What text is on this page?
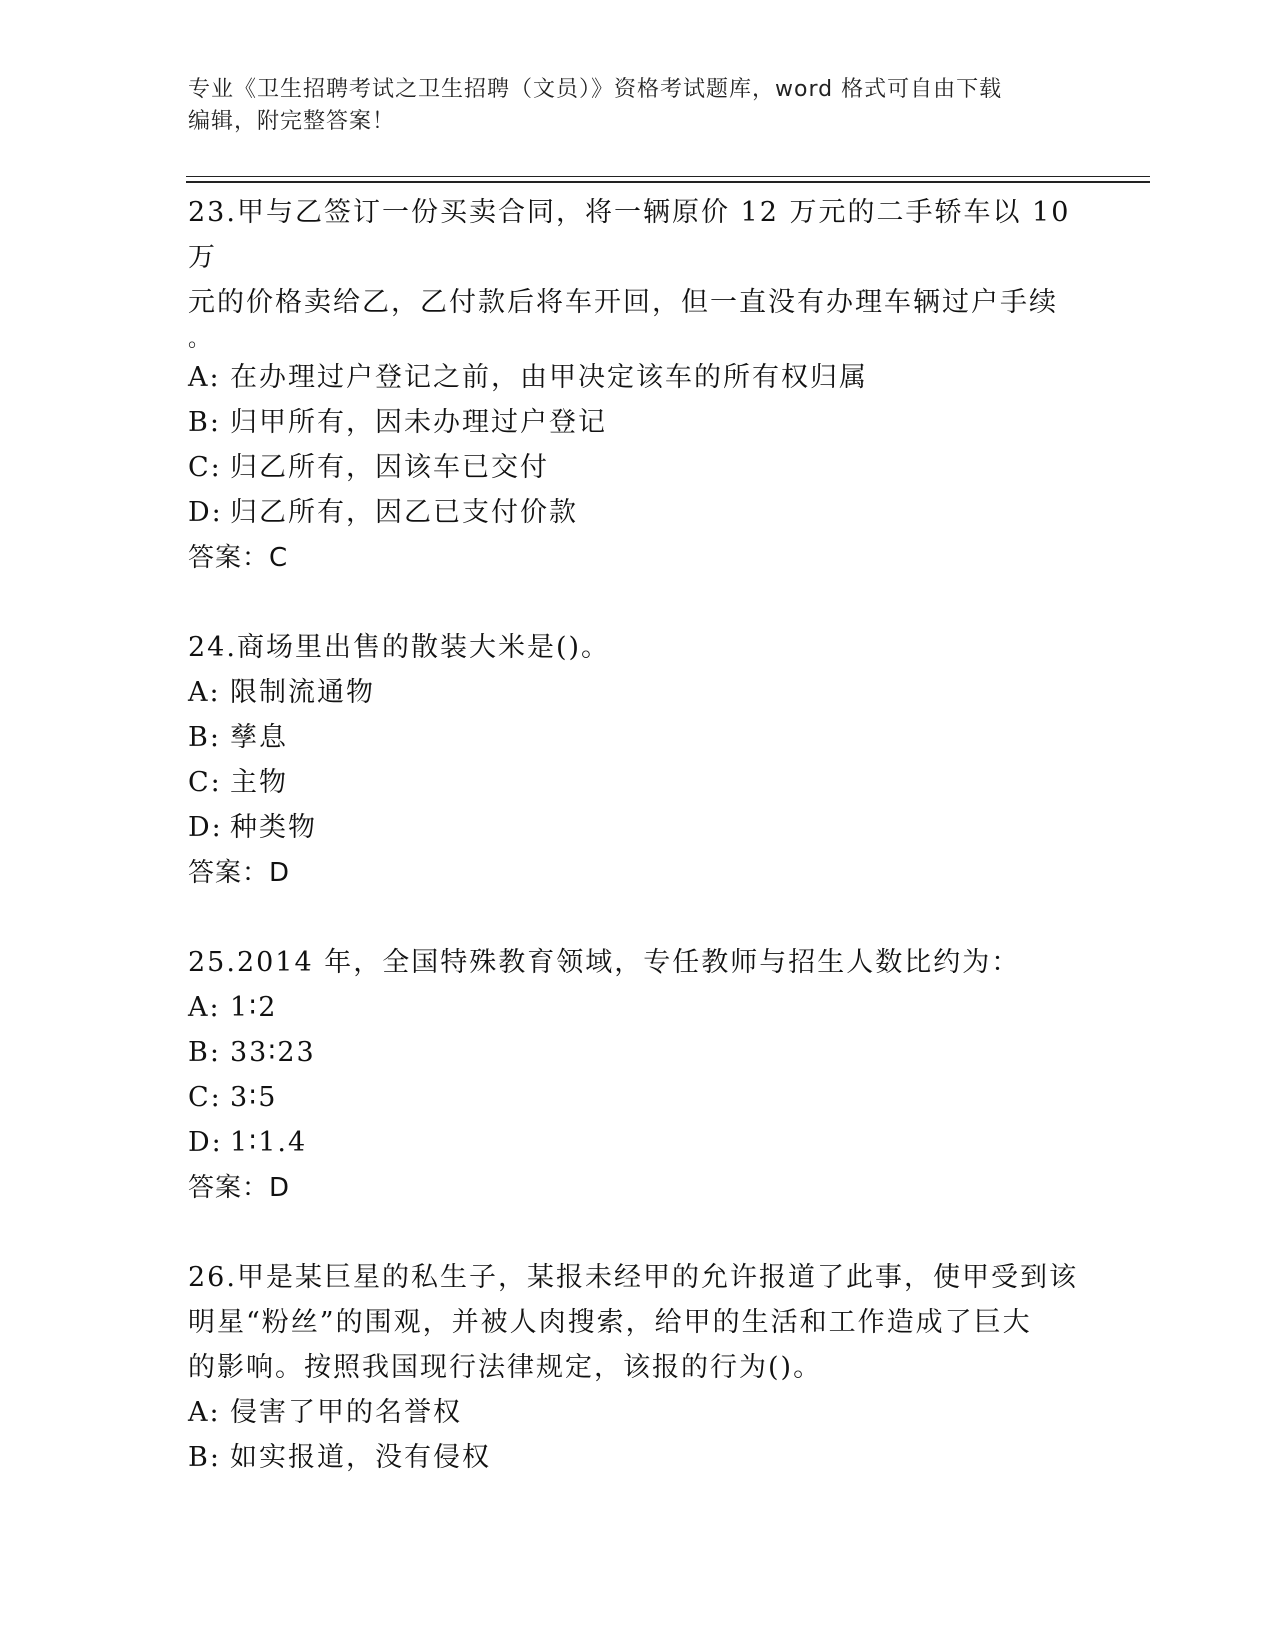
专业《卫生招聘考试之卫生招聘（文员）》资格考试题库，word 格式可自由下载
编辑，附完整答案！

23.甲与乙签订一份买卖合同，将一辆原价 12 万元的二手轿车以 10 万

元的价格卖给乙，乙付款后将车开回，但一直没有办理车辆过户手续

。

A: 在办理过户登记之前，由甲决定该车的所有权归属

B: 归甲所有，因未办理过户登记

C: 归乙所有，因该车已交付

D: 归乙所有，因乙已支付价款

答案：C

24.商场里出售的散装大米是()。

A: 限制流通物

B: 孳息

C: 主物

D: 种类物

答案：D

25.2014 年，全国特殊教育领域，专任教师与招生人数比约为：

A: 1∶2

B: 33∶23

C: 3∶5

D: 1∶1.4

答案：D

26.甲是某巨星的私生子，某报未经甲的允许报道了此事，使甲受到该

明星“粉丝”的围观，并被人肉搜索，给甲的生活和工作造成了巨大

的影响。按照我国现行法律规定，该报的行为()。

A: 侵害了甲的名誉权

B: 如实报道，没有侵权
